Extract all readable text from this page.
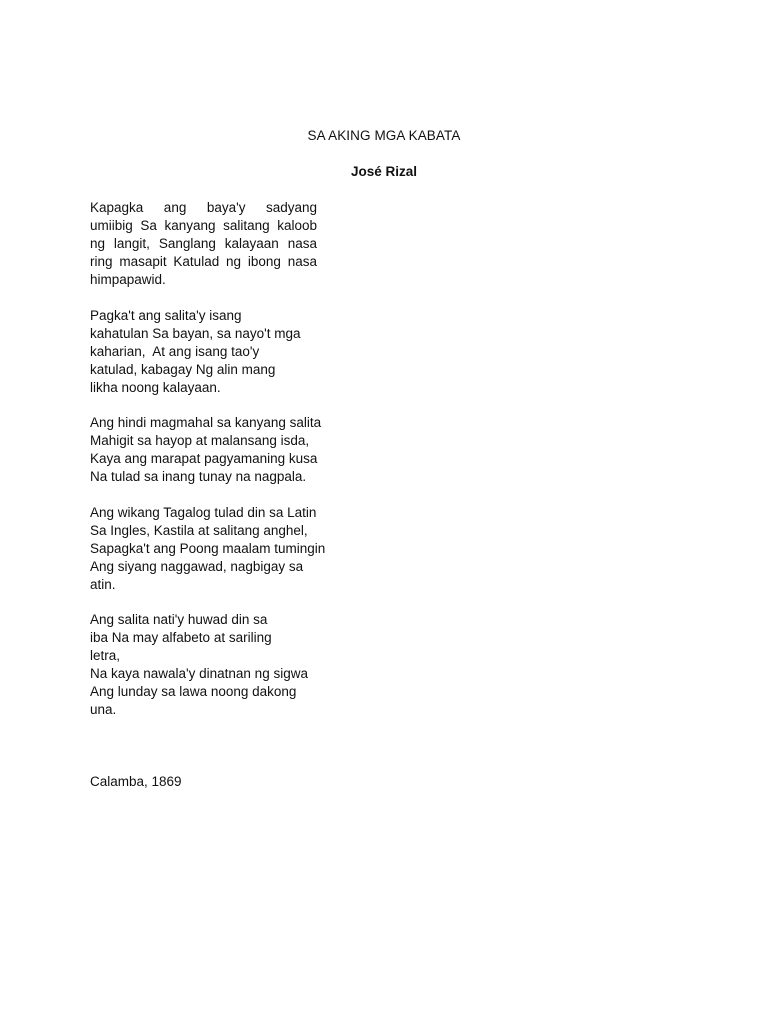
SA AKING MGA KABATA
José Rizal
Kapagka ang baya'y sadyang
umiibig Sa kanyang salitang kaloob
ng langit, Sanglang kalayaan nasa
ring masapit Katulad ng ibong nasa
himpapawid.
Pagka't ang salita'y isang
kahatulan Sa bayan, sa nayo't mga
kaharian,  At ang isang tao'y
katulad, kabagay Ng alin mang
likha noong kalayaan.
Ang hindi magmahal sa kanyang salita
Mahigit sa hayop at malansang isda,
Kaya ang marapat pagyamaning kusa
Na tulad sa inang tunay na nagpala.
Ang wikang Tagalog tulad din sa Latin
Sa Ingles, Kastila at salitang anghel,
Sapagka't ang Poong maalam tumingin
Ang siyang naggawad, nagbigay sa
atin.
Ang salita nati'y huwad din sa
iba Na may alfabeto at sariling
letra,
Na kaya nawala'y dinatnan ng sigwa
Ang lunday sa lawa noong dakong
una.
Calamba, 1869
